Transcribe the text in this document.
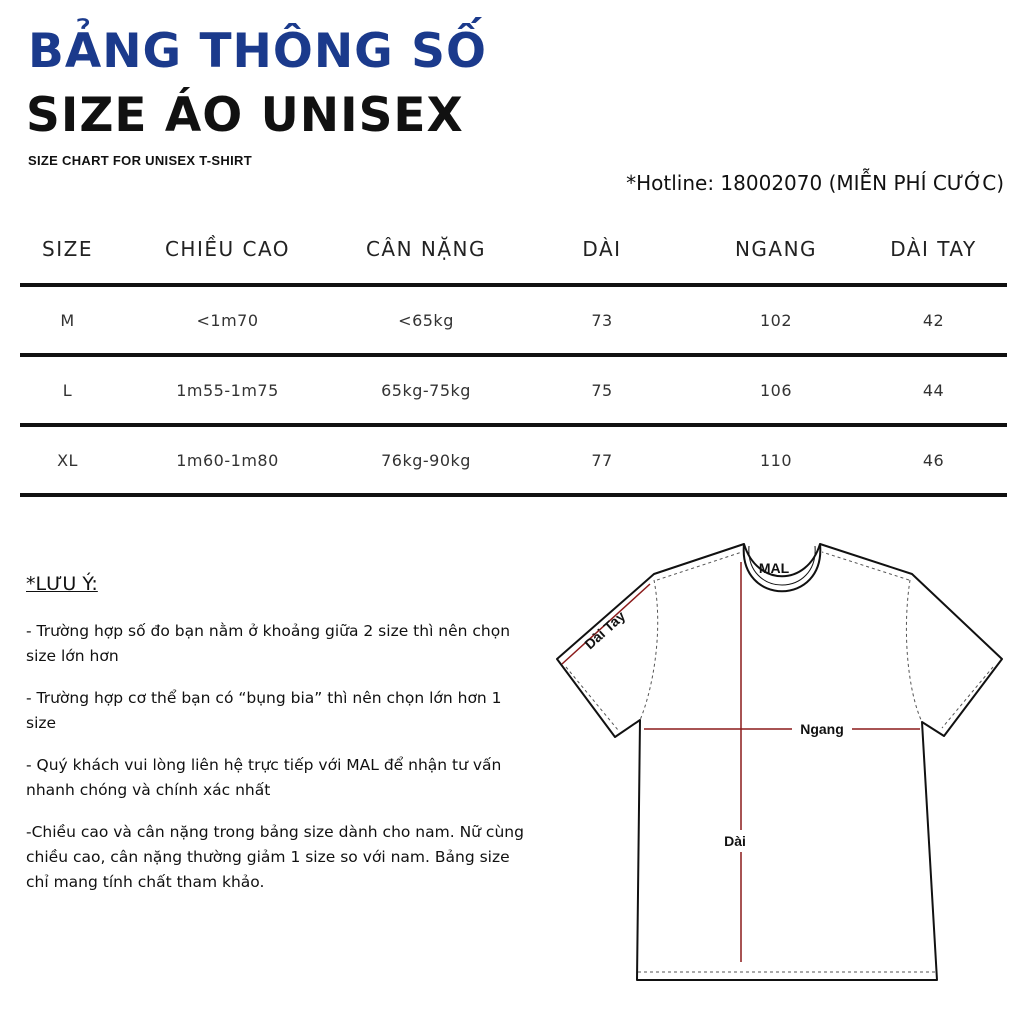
BẢNG THÔNG SỐ
SIZE ÁO UNISEX
SIZE CHART FOR UNISEX T-SHIRT
*Hotline: 18002070 (MIỄN PHÍ CƯỚC)
SIZE	CHIỀU CAO	CÂN NẶNG	DÀI	NGANG	DÀI TAY
M	<1m70	<65kg	73	102	42
L	1m55-1m75	65kg-75kg	75	106	44
XL	1m60-1m80	76kg-90kg	77	110	46
*LƯU Ý:
- Trường hợp số đo bạn nằm ở khoảng giữa 2 size thì nên chọn size lớn hơn
- Trường hợp cơ thể bạn có “bụng bia” thì nên chọn lớn hơn 1 size
- Quý khách vui lòng liên hệ trực tiếp với MAL để nhận tư vấn nhanh chóng và chính xác nhất
-Chiều cao và cân nặng trong bảng size dành cho nam. Nữ cùng chiều cao, cân nặng thường giảm 1 size so với nam. Bảng size chỉ mang tính chất tham khảo.
MAL
Dài Tay
Ngang
Dài
